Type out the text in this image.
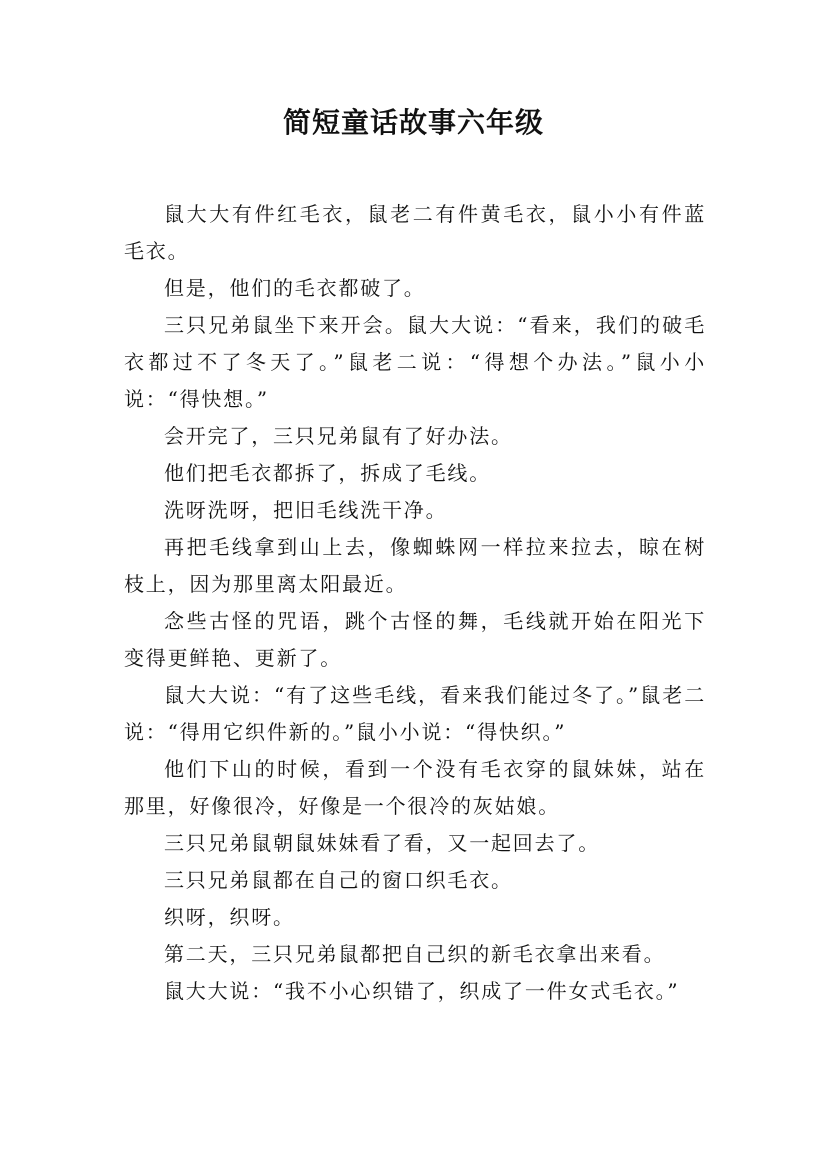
简短童话故事六年级

鼠大大有件红毛衣，鼠老二有件黄毛衣，鼠小小有件蓝毛衣。

但是，他们的毛衣都破了。

三只兄弟鼠坐下来开会。鼠大大说：“看来，我们的破毛衣都过不了冬天了。”鼠老二说：“得想个办法。”鼠小小说：“得快想。”

会开完了，三只兄弟鼠有了好办法。

他们把毛衣都拆了，拆成了毛线。

洗呀洗呀，把旧毛线洗干净。

再把毛线拿到山上去，像蜘蛛网一样拉来拉去，晾在树枝上，因为那里离太阳最近。

念些古怪的咒语，跳个古怪的舞，毛线就开始在阳光下变得更鲜艳、更新了。

鼠大大说：“有了这些毛线，看来我们能过冬了。”鼠老二说：“得用它织件新的。”鼠小小说：“得快织。”

他们下山的时候，看到一个没有毛衣穿的鼠妹妹，站在那里，好像很冷，好像是一个很冷的灰姑娘。

三只兄弟鼠朝鼠妹妹看了看，又一起回去了。

三只兄弟鼠都在自己的窗口织毛衣。

织呀，织呀。

第二天，三只兄弟鼠都把自己织的新毛衣拿出来看。

鼠大大说：“我不小心织错了，织成了一件女式毛衣。”
